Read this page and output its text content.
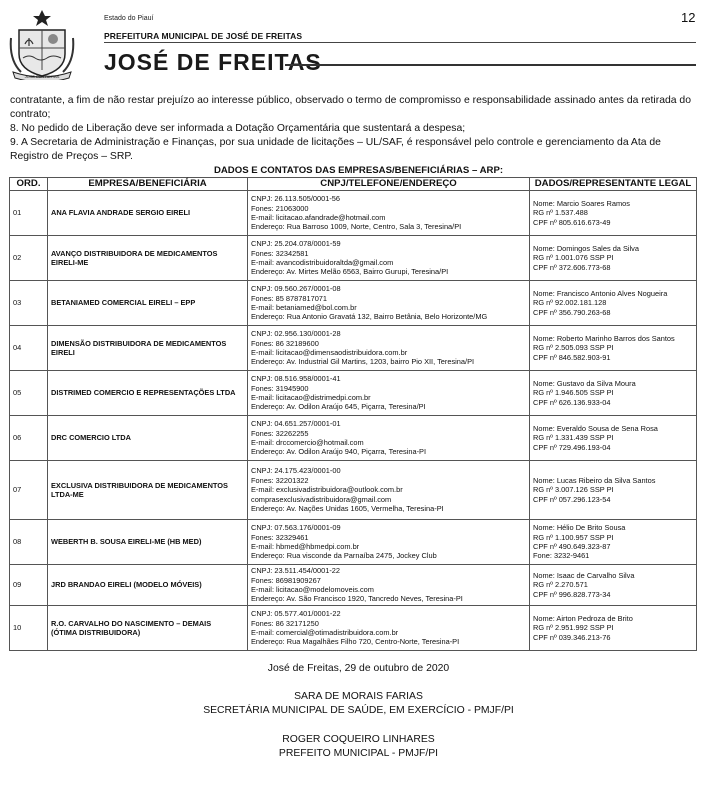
JOSÉ DE FREITAS
Estado do Piauí
PREFEITURA MUNICIPAL DE JOSÉ DE FREITAS
JOSÉ DE FREITAS
12
contratante, a fim de não restar prejuízo ao interesse público, observado o termo de compromisso e responsabilidade assinado antes da retirada do contrato;
8. No pedido de Liberação deve ser informada a Dotação Orçamentária que sustentará a despesa;
9. A Secretaria de Administração e Finanças, por sua unidade de licitações – UL/SAF, é responsável pelo controle e gerenciamento da Ata de Registro de Preços – SRP.
DADOS E CONTATOS DAS EMPRESAS/BENEFICIÁRIAS – ARP:
ORD.	EMPRESA/BENEFICIÁRIA	CNPJ/TELEFONE/ENDEREÇO	DADOS/REPRESENTANTE LEGAL
01	ANA FLAVIA ANDRADE SERGIO EIRELI	CNPJ: 26.113.505/0001-56
Fones: 21063000
E-mail: licitacao.afandrade@hotmail.com
Endereço: Rua Barroso 1009, Norte, Centro, Sala 3, Teresina/PI	Nome: Marcio Soares Ramos
RG nº 1.537.488
CPF nº 805.616.673-49

02	AVANÇO DISTRIBUIDORA DE MEDICAMENTOS
EIRELI-ME	CNPJ: 25.204.078/0001-59
Fones: 32342581
E-mail: avancodistribuidoraltda@gmail.com
Endereço: Av. Mirtes Melão 6563, Bairro Gurupi, Teresina/PI	Nome: Domingos Sales da Silva
RG nº 1.001.076 SSP PI
CPF nº 372.606.773-68

03	BETANIAMED COMERCIAL EIRELI – EPP	CNPJ: 09.560.267/0001-08
Fones: 85 8787817071
E-mail: betaniamed@bol.com.br
Endereço: Rua Antonio Gravatá 132, Bairro Betânia, Belo Horizonte/MG	Nome: Francisco Antonio Alves Nogueira
RG nº 92.002.181.128
CPF nº 356.790.263-68

04	DIMENSÃO DISTRIBUIDORA DE MEDICAMENTOS
EIRELI	CNPJ: 02.956.130/0001-28
Fones: 86 32189600
E-mail: licitacao@dimensaodistribuidora.com.br
Endereço: Av. Industrial Gil Martins, 1203, bairro Pio XII, Teresina/PI	Nome: Roberto Marinho Barros dos Santos
RG nº 2.505.093 SSP PI
CPF nº 846.582.903-91

05	DISTRIMED COMERCIO E REPRESENTAÇÕES LTDA	CNPJ: 08.516.958/0001-41
Fones: 31945900
E-mail: licitacao@distrimedpi.com.br
Endereço: Av. Odilon Araújo 645, Piçarra, Teresina/PI	Nome: Gustavo da Silva Moura
RG nº 1.946.505 SSP PI
CPF nº 626.136.933-04

06	DRC COMERCIO LTDA	CNPJ: 04.651.257/0001-01
Fones: 32262255
E-mail: drccomercio@hotmail.com
Endereço: Av. Odilon Araújo 940, Piçarra, Teresina-PI	Nome: Everaldo Sousa de Sena Rosa
RG nº 1.331.439 SSP PI
CPF nº 729.496.193-04

07	EXCLUSIVA DISTRIBUIDORA DE MEDICAMENTOS
LTDA-ME	CNPJ: 24.175.423/0001-00
Fones: 32201322
E-mail: exclusivadistribuidora@outlook.com.br
comprasexclusivadistribuidora@gmail.com
Endereço: Av. Nações Unidas 1605, Vermelha, Teresina-PI	Nome: Lucas Ribeiro da Silva Santos
RG nº 3.007.126 SSP PI
CPF nº 057.296.123-54

08	WEBERTH B. SOUSA EIRELI-ME (HB MED)	CNPJ: 07.563.176/0001-09
Fones: 32329461
E-mail: hbmed@hbmedpi.com.br
Endereço: Rua visconde da Parnaíba 2475, Jockey Club	Nome: Hélio De Brito Sousa
RG nº 1.100.957 SSP PI
CPF nº 490.649.323-87
Fone: 3232-9461

09	JRD BRANDAO EIRELI (MODELO MÓVEIS)	CNPJ: 23.511.454/0001-22
Fones: 86981909267
E-mail: licitacao@modelomoveis.com
Endereço: Av. São Francisco 1920, Tancredo Neves, Teresina-PI	Nome: Isaac de Carvalho Silva
RG nº 2.270.571
CPF nº 996.828.773-34

10	R.O. CARVALHO DO NASCIMENTO – DEMAIS
(ÓTIMA DISTRIBUIDORA)	CNPJ: 05.577.401/0001-22
Fones: 86 32171250
E-mail: comercial@otimadistribuidora.com.br
Endereço: Rua Magalhães Filho 720, Centro-Norte, Teresina-PI	Nome: Airton Pedroza de Brito
RG nº 2.951.992 SSP PI
CPF nº 039.346.213-76
José de Freitas, 29 de outubro de 2020
SARA DE MORAIS FARIAS
SECRETÁRIA MUNICIPAL DE SAÚDE, EM EXERCÍCIO - PMJF/PI
ROGER COQUEIRO LINHARES
PREFEITO MUNICIPAL - PMJF/PI
